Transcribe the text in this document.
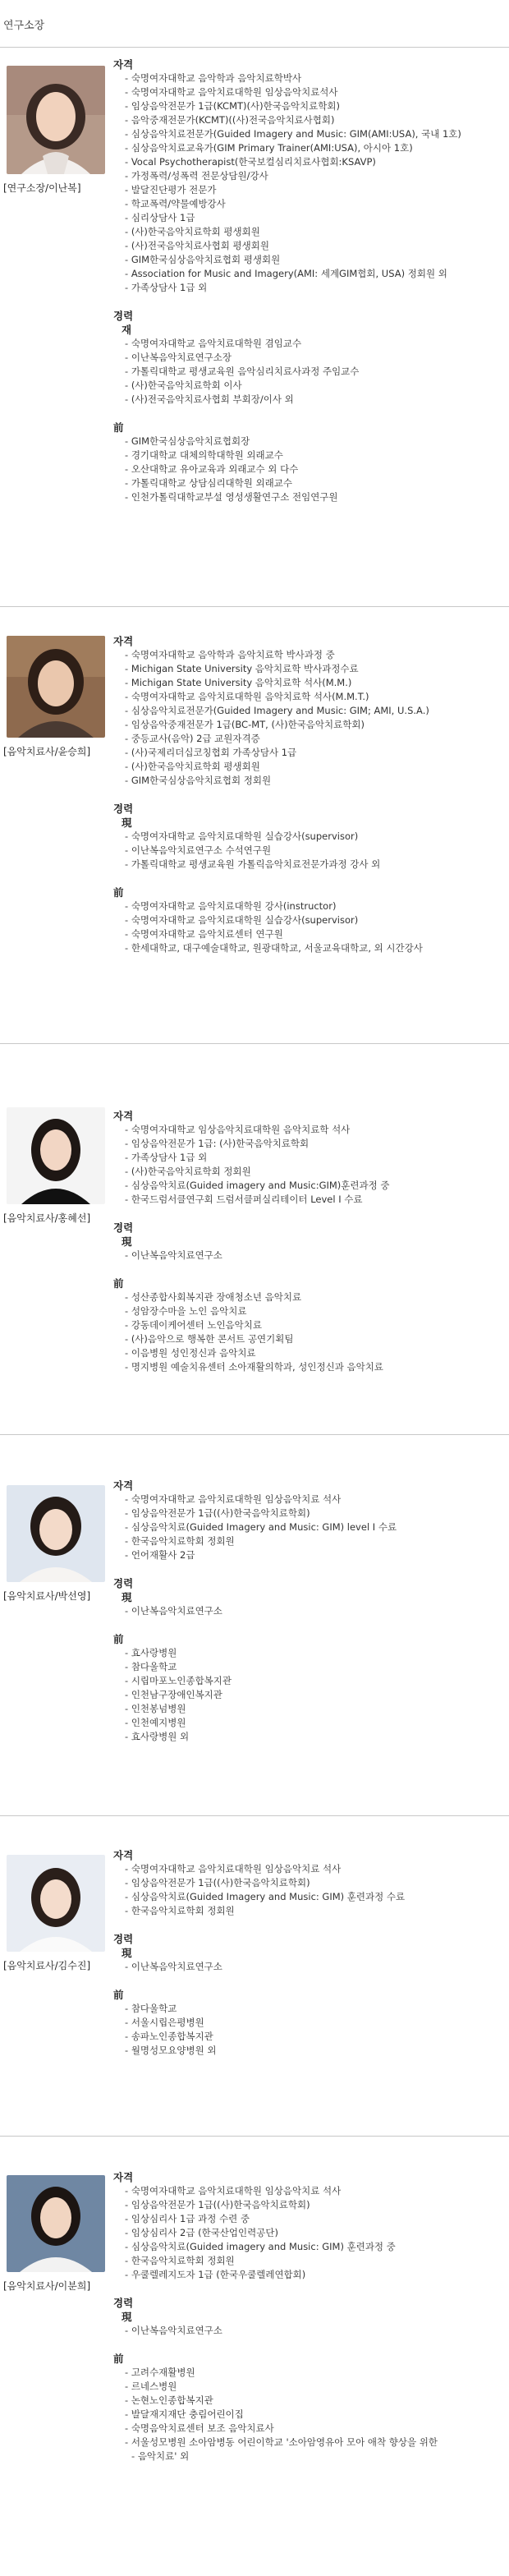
연구소장
[연구소장/이난복]
자격
- 숙명여자대학교 음악학과 음악치료학박사
- 숙명여자대학교 음악치료대학원 임상음악치료석사
- 임상음악전문가 1급(KCMT)(사)한국음악치료학회)
- 음악중재전문가(KCMT)((사)전국음악치료사협회)
- 심상음악치료전문가(Guided Imagery and Music: GIM(AMI:USA), 국내 1호)
- 심상음악치료교육가(GIM Primary Trainer(AMI:USA), 아시아 1호)
- Vocal Psychotherapist(한국보컬심리치료사협회:KSAVP)
- 가정폭력/성폭력 전문상담원/강사
- 발달진단평가 전문가
- 학교폭력/약물예방강사
- 심리상담사 1급
- (사)한국음악치료학회 평생회원
- (사)전국음악치료사협회 평생회원
- GIM한국심상음악치료협회 평생회원
- Association for Music and Imagery(AMI: 세계GIM협회, USA) 정회원 외
- 가족상담사 1급 외
경력
재
- 숙명여자대학교 음악치료대학원 겸임교수
- 이난복음악치료연구소장
- 가톨릭대학교 평생교육원 음악심리치료사과정 주임교수
- (사)한국음악치료학회 이사
- (사)전국음악치료사협회 부회장/이사 외
前
- GIM한국심상음악치료협회장
- 경기대학교 대체의학대학원 외래교수
- 오산대학교 유아교육과 외래교수 외 다수
- 가톨릭대학교 상담심리대학원 외래교수
- 인천가톨릭대학교부설 영성생활연구소 전임연구원
[음악치료사/윤승희]
자격
- 숙명여자대학교 음악학과 음악치료학 박사과정 중
- Michigan State University 음악치료학 박사과정수료
- Michigan State University 음악치료학 석사(M.M.)
- 숙명여자대학교 음악치료대학원 음악치료학 석사(M.M.T.)
- 심상음악치료전문가(Guided Imagery and Music: GIM; AMI, U.S.A.)
- 임상음악중재전문가 1급(BC-MT, (사)한국음악치료학회)
- 중등교사(음악) 2급 교원자격증
- (사)국제리더십코칭협회 가족상담사 1급
- (사)한국음악치료학회 평생회원
- GIM한국심상음악치료협회 정회원
경력
現
- 숙명여자대학교 음악치료대학원 실습강사(supervisor)
- 이난복음악치료연구소 수석연구원
- 가톨릭대학교 평생교육원 가톨릭음악치료전문가과정 강사 외
前
- 숙명여자대학교 음악치료대학원 강사(instructor)
- 숙명여자대학교 음악치료대학원 실습강사(supervisor)
- 숙명여자대학교 음악치료센터 연구원
- 한세대학교, 대구예술대학교, 원광대학교, 서울교육대학교, 외 시간강사
[음악치료사/홍혜선]
자격
- 숙명여자대학교 임상음악치료대학원 음악치료학 석사
- 임상음악전문가 1급: (사)한국음악치료학회
- 가족상담사 1급 외
- (사)한국음악치료학회 정회원
- 심상음악치료(Guided imagery and Music:GIM)훈련과정 중
- 한국드럼서클연구회 드럼서클퍼실리테이터 Level I 수료
경력
現
- 이난복음악치료연구소
前
- 성산종합사회복지관 장애청소년 음악치료
- 성암장수마을 노인 음악치료
- 강동데이케어센터 노인음악치료
- (사)음악으로 행복한 콘서트 공연기획팀
- 이음병원 성인정신과 음악치료
- 명지병원 예술치유센터 소아재활의학과, 성인정신과 음악치료
[음악치료사/박선영]
자격
- 숙명여자대학교 음악치료대학원 임상음악치료 석사
- 임상음악전문가 1급((사)한국음악치료학회)
- 심상음악치료(Guided Imagery and Music: GIM) level I 수료
- 한국음악치료학회 정회원
- 언어재활사 2급
경력
現
- 이난복음악치료연구소
前
- 효사랑병원
- 참다울학교
- 시립마포노인종합복지관
- 인천남구장애인복지관
- 인천봉넘병원
- 인천예지병원
- 효사랑병원 외
[음악치료사/김수진]
자격
- 숙명여자대학교 음악치료대학원 임상음악치료 석사
- 임상음악전문가 1급((사)한국음악치료학회)
- 심상음악치료(Guided Imagery and Music: GIM) 훈련과정 수료
- 한국음악치료학회 정회원
경력
現
- 이난복음악치료연구소
前
- 참다울학교
- 서울시립은평병원
- 송파노인종합복지관
- 월명성모요양병원 외
[음악치료사/이분희]
자격
- 숙명여자대학교 음악치료대학원 임상음악치료 석사
- 임상음악전문가 1급((사)한국음악치료학회)
- 임상심리사 1급 과정 수련 중
- 임상심리사 2급 (한국산업인력공단)
- 심상음악치료(Guided imagery and Music: GIM) 훈련과정 중
- 한국음악치료학회 정회원
- 우쿨렐레지도자 1급 (한국우쿨렐레연합회)
경력
現
- 이난복음악치료연구소
前
- 고려수재활병원
- 르네스병원
- 논현노인종합복지관
- 발달재지재단 충림어린이집
- 숙명음악치료센터 보조 음악치료사
- 서울성모병원 소아암병동 어린이학교 '소아암영유아 모아 애착 향상을 위한
- 음악치료' 외
